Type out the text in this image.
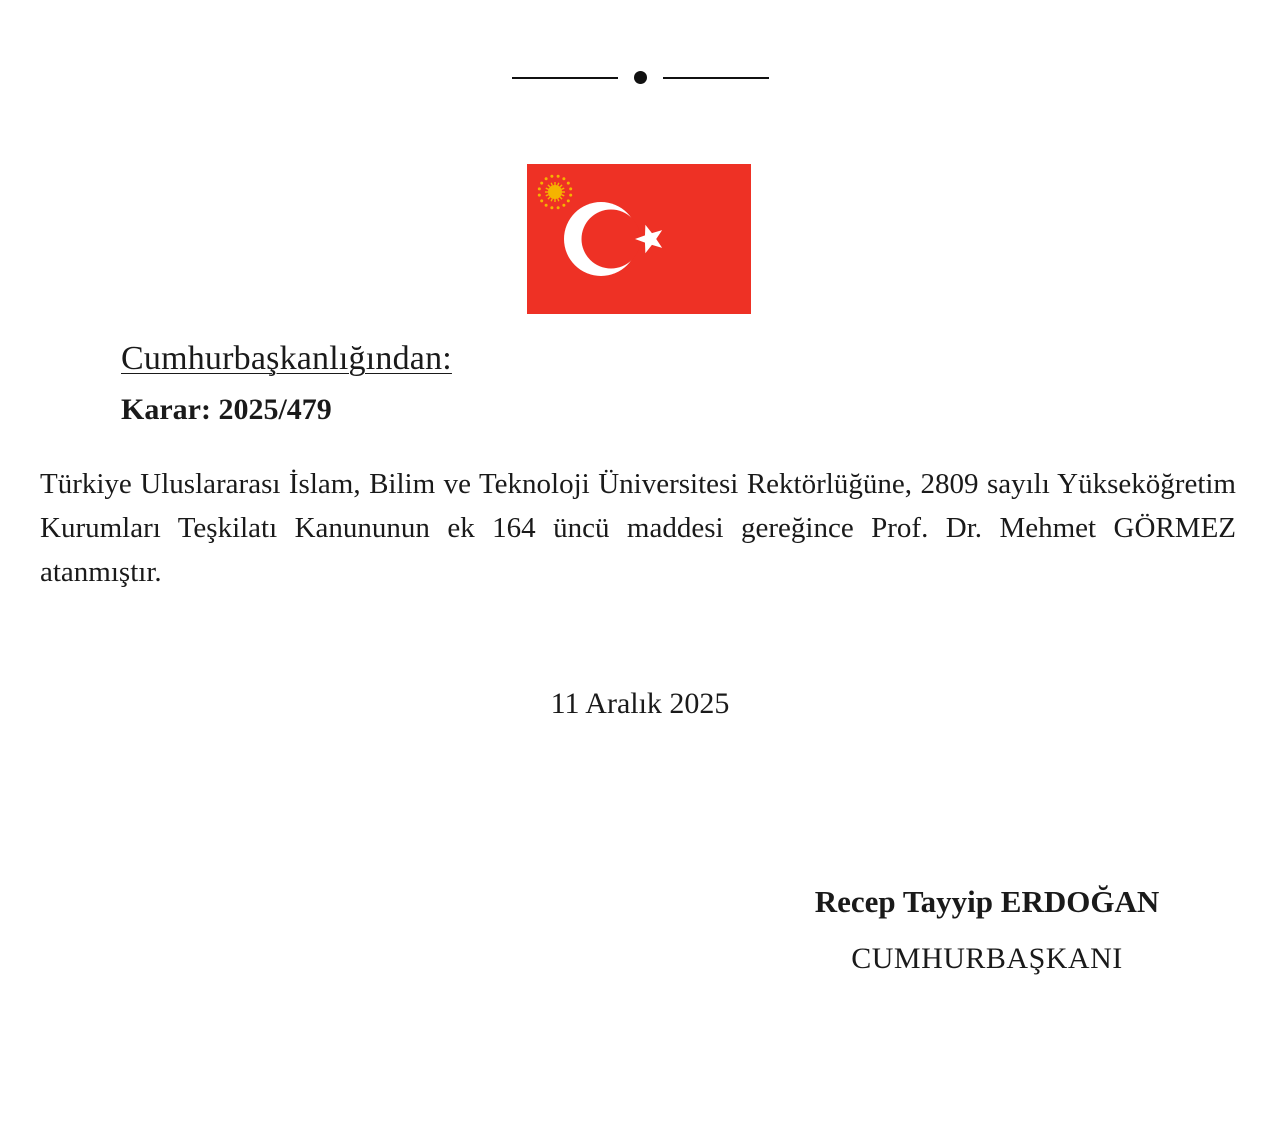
Cumhurbaşkanlığından:
Karar: 2025/479
Türkiye Uluslararası İslam, Bilim ve Teknoloji Üniversitesi Rektörlüğüne, 2809 sayılı Yükseköğretim Kurumları Teşkilatı Kanununun ek 164 üncü maddesi gereğince Prof. Dr. Mehmet GÖRMEZ atanmıştır.
11 Aralık 2025
Recep Tayyip ERDOĞAN
CUMHURBAŞKANI
